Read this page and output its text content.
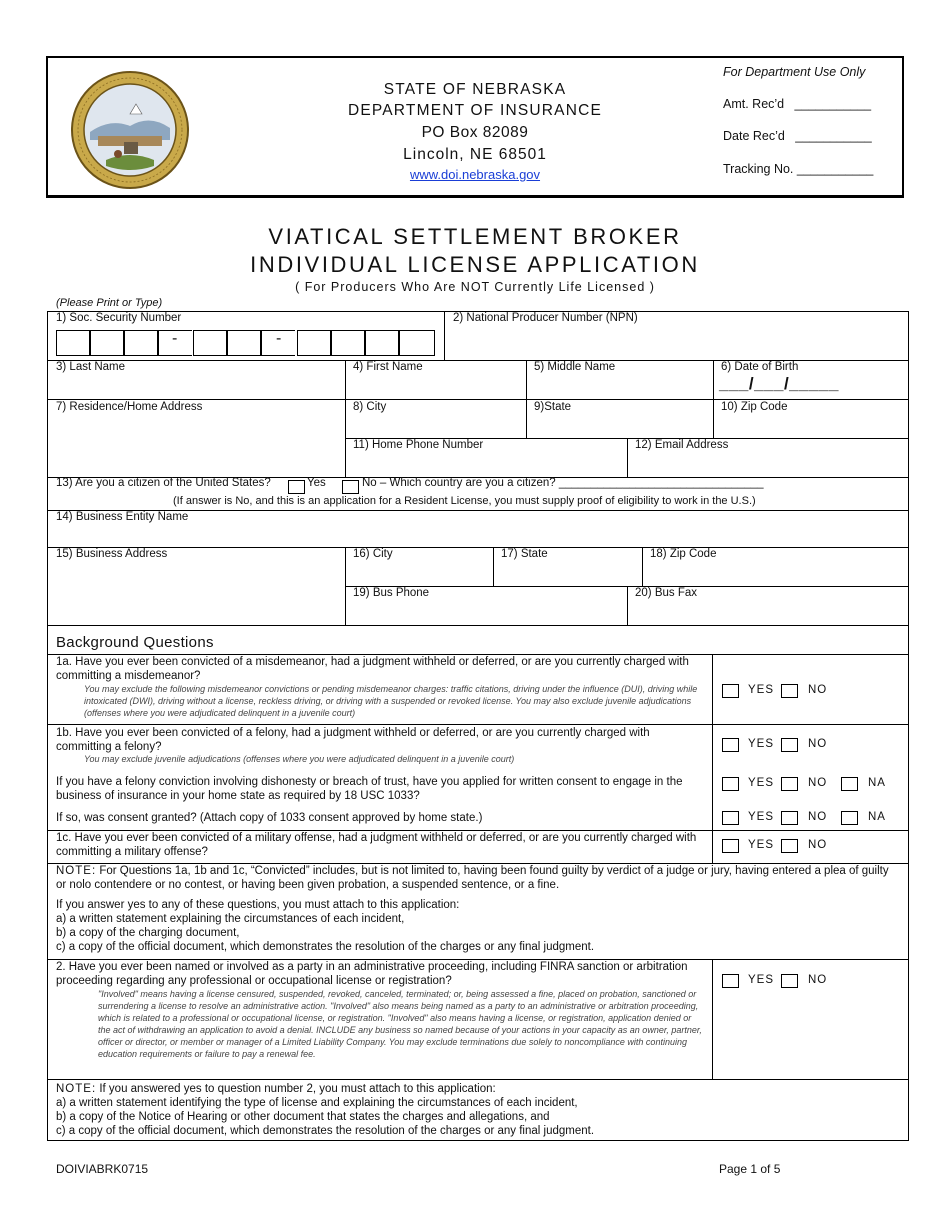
STATE OF NEBRASKA
DEPARTMENT OF INSURANCE
PO Box 82089
Lincoln, NE 68501
www.doi.nebraska.gov
For Department Use Only
Amt. Rec’d   ___________
Date Rec’d   ___________
Tracking No. ___________
VIATICAL SETTLEMENT BROKER
INDIVIDUAL LICENSE APPLICATION
( For Producers Who Are NOT Currently Life Licensed )
(Please Print or Type)
1) Soc. Security Number
-	-
2) National Producer Number (NPN)
3) Last Name	4) First Name	5) Middle Name	6) Date of Birth
___/___/_____
7) Residence/Home Address	8) City	9)State	10) Zip Code
11) Home Phone Number	12) Email Address
13) Are you a citizen of the United States?	Yes	No – Which country are you a citizen? ________________________________
(If answer is No, and this is an application for a Resident License, you must supply proof of eligibility to work in the U.S.)
14) Business Entity Name
15) Business Address	16) City	17) State	18) Zip Code
19) Bus Phone	20) Bus Fax
Background Questions
1a. Have you ever been convicted of a misdemeanor, had a judgment withheld or deferred, or are you currently charged with committing a misdemeanor?
You may exclude the following misdemeanor convictions or pending misdemeanor charges: traffic citations, driving under the influence (DUI), driving while intoxicated (DWI), driving without a license, reckless driving, or driving with a suspended or revoked license. You may also exclude juvenile adjudications (offenses where you were adjudicated delinquent in a juvenile court)
YES	NO
1b. Have you ever been convicted of a felony, had a judgment withheld or deferred, or are you currently charged with committing a felony?
You may exclude juvenile adjudications (offenses where you were adjudicated delinquent in a juvenile court)
YES	NO
If you have a felony conviction involving dishonesty or breach of trust, have you applied for written consent to engage in the business of insurance in your home state as required by 18 USC 1033?
YES	NO	NA
If so, was consent granted? (Attach copy of 1033 consent approved by home state.)	YES	NO	NA
1c. Have you ever been convicted of a military offense, had a judgment withheld or deferred, or are you currently charged with committing a military offense?
YES	NO
NOTE: For Questions 1a, 1b and 1c, “Convicted” includes, but is not limited to, having been found guilty by verdict of a judge or jury, having entered a plea of guilty or nolo contendere or no contest, or having been given probation, a suspended sentence, or a fine.
If you answer yes to any of these questions, you must attach to this application:
a) a written statement explaining the circumstances of each incident,
b) a copy of the charging document,
c) a copy of the official document, which demonstrates the resolution of the charges or any final judgment.
2. Have you ever been named or involved as a party in an administrative proceeding, including FINRA sanction or arbitration proceeding regarding any professional or occupational license or registration?
"Involved" means having a license censured, suspended, revoked, canceled, terminated; or, being assessed a fine, placed on probation, sanctioned or surrendering a license to resolve an administrative action. "Involved" also means being named as a party to an administrative or arbitration proceeding, which is related to a professional or occupational license, or registration. "Involved" also means having a license, or registration, application denied or the act of withdrawing an application to avoid a denial. INCLUDE any business so named because of your actions in your capacity as an owner, partner, officer or director, or member or manager of a Limited Liability Company. You may exclude terminations due solely to noncompliance with continuing education requirements or failure to pay a renewal fee.
YES	NO
NOTE: If you answered yes to question number 2, you must attach to this application:
a) a written statement identifying the type of license and explaining the circumstances of each incident,
b) a copy of the Notice of Hearing or other document that states the charges and allegations, and
c) a copy of the official document, which demonstrates the resolution of the charges or any final judgment.
DOIVIABRK0715	Page 1 of 5
